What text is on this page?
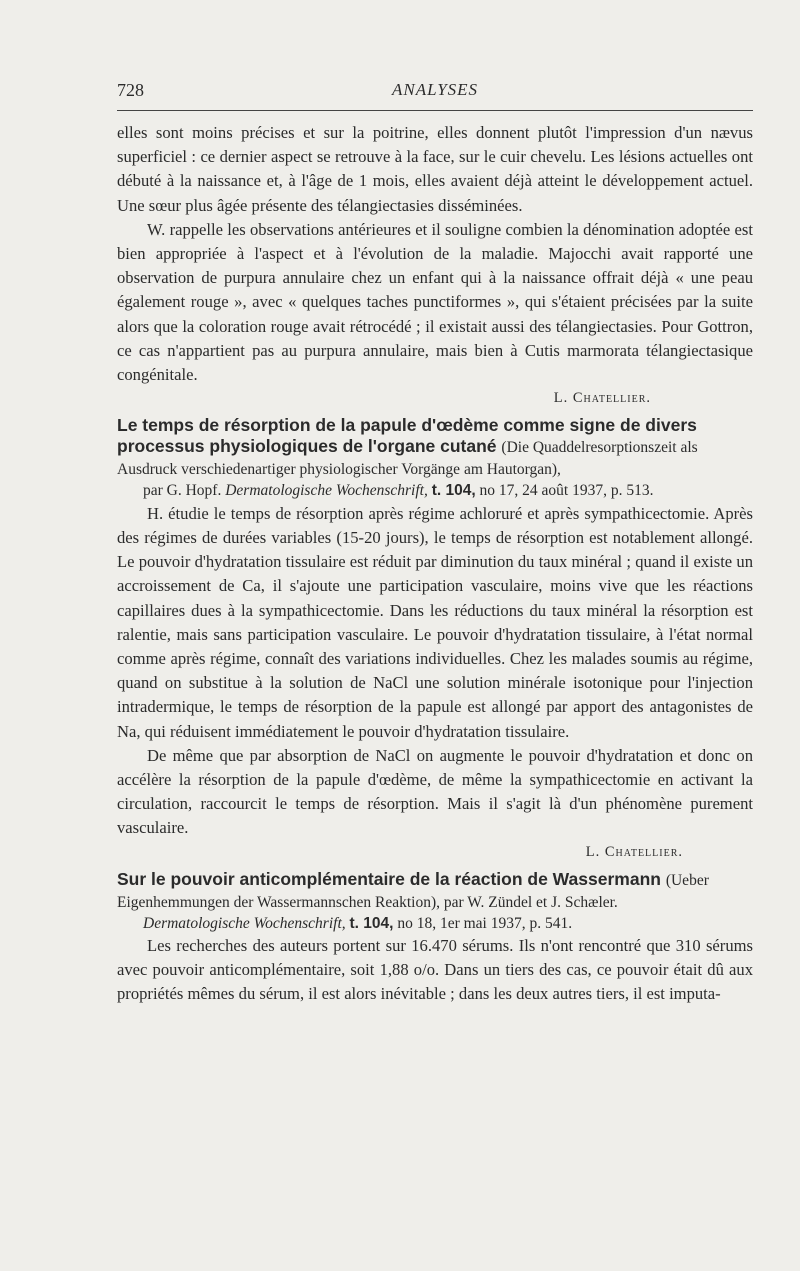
728	ANALYSES

elles sont moins précises et sur la poitrine, elles donnent plutôt l'impression d'un nævus superficiel : ce dernier aspect se retrouve à la face, sur le cuir chevelu. Les lésions actuelles ont débuté à la naissance et, à l'âge de 1 mois, elles avaient déjà atteint le développement actuel. Une sœur plus âgée présente des télangiectasies disséminées.

W. rappelle les observations antérieures et il souligne combien la dénomination adoptée est bien appropriée à l'aspect et à l'évolution de la maladie. Majocchi avait rapporté une observation de purpura annulaire chez un enfant qui à la naissance offrait déjà « une peau également rouge », avec « quelques taches punctiformes », qui s'étaient précisées par la suite alors que la coloration rouge avait rétrocédé ; il existait aussi des télangiectasies. Pour Gottron, ce cas n'appartient pas au purpura annulaire, mais bien à Cutis marmorata télangiectasique congénitale.

L. Chatellier.
Le temps de résorption de la papule d'œdème comme signe de divers processus physiologiques de l'organe cutané (Die Quaddelresorptionszeit als Ausdruck verschiedenartiger physiologischer Vorgänge am Hautorgan),
par G. Hopf. Dermatologische Wochenschrift, t. 104, no 17, 24 août 1937, p. 513.

H. étudie le temps de résorption après régime achloruré et après sympathicectomie. Après des régimes de durées variables (15-20 jours), le temps de résorption est notablement allongé. Le pouvoir d'hydratation tissulaire est réduit par diminution du taux minéral ; quand il existe un accroissement de Ca, il s'ajoute une participation vasculaire, moins vive que les réactions capillaires dues à la sympathicectomie. Dans les réductions du taux minéral la résorption est ralentie, mais sans participation vasculaire. Le pouvoir d'hydratation tissulaire, à l'état normal comme après régime, connaît des variations individuelles. Chez les malades soumis au régime, quand on substitue à la solution de NaCl une solution minérale isotonique pour l'injection intradermique, le temps de résorption de la papule est allongé par apport des antagonistes de Na, qui réduisent immédiatement le pouvoir d'hydratation tissulaire.

De même que par absorption de NaCl on augmente le pouvoir d'hydratation et donc on accélère la résorption de la papule d'œdème, de même la sympathicectomie en activant la circulation, raccourcit le temps de résorption. Mais il s'agit là d'un phénomène purement vasculaire.

L. Chatellier.
Sur le pouvoir anticomplémentaire de la réaction de Wassermann (Ueber Eigenhemmungen der Wassermannschen Reaktion), par W. Zündel et J. Schæler.
Dermatologische Wochenschrift, t. 104, no 18, 1er mai 1937, p. 541.

Les recherches des auteurs portent sur 16.470 sérums. Ils n'ont rencontré que 310 sérums avec pouvoir anticomplémentaire, soit 1,88 o/o. Dans un tiers des cas, ce pouvoir était dû aux propriétés mêmes du sérum, il est alors inévitable ; dans les deux autres tiers, il est imputa-
